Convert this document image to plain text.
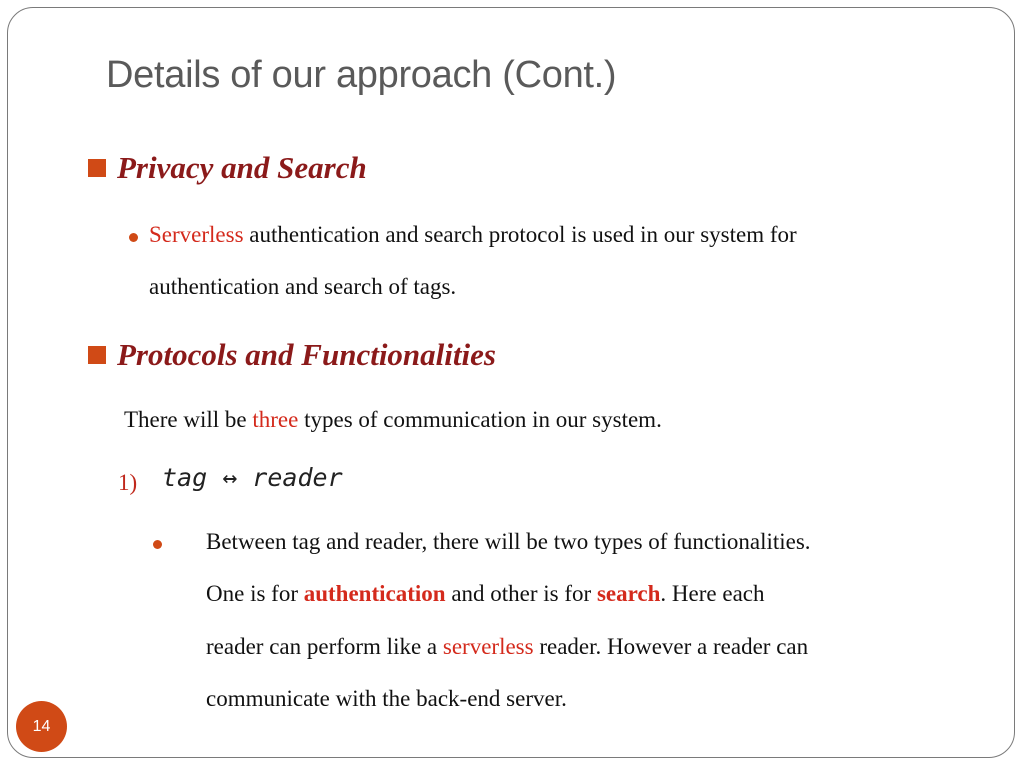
Details of our approach (Cont.)
Privacy and Search
Serverless authentication and search protocol is used in our system for
authentication and search of tags.
Protocols and Functionalities
There will be three types of communication in our system.
1) tag ↔ reader
Between tag and reader, there will be two types of functionalities.
One is for authentication and other is for search. Here each
reader can perform like a serverless reader. However a reader can
communicate with the back-end server.
14
